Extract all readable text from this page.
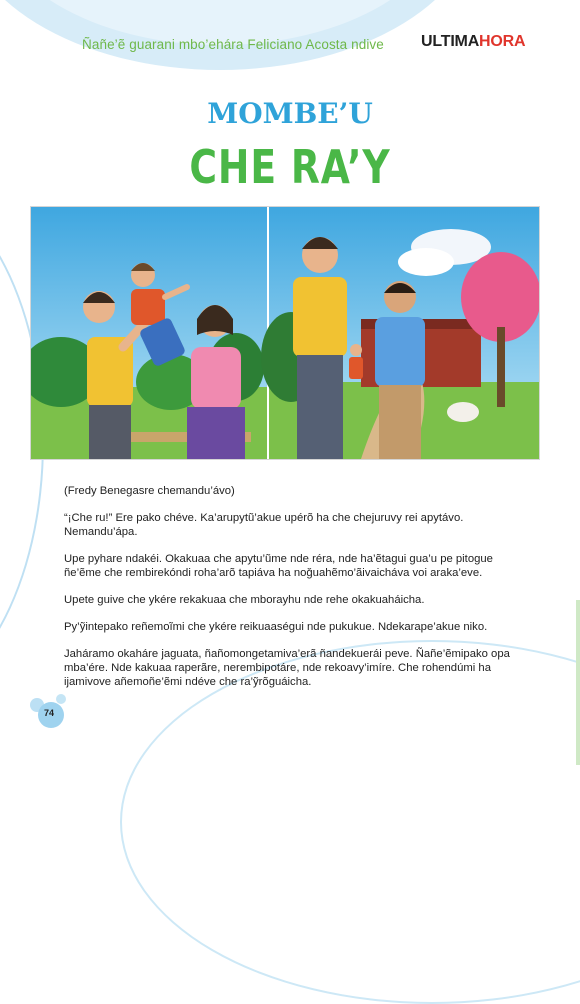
Ñañe’ẽ guarani mbo’ehára Feliciano Acosta ndive ULTIMAHORA
MOMBE’U
CHE RA’Y

(Fredy Benegasre chemandu’ávo)

“¡Che ru!” Ere pako chéve. Ka’arupytũ’akue upérõ ha che chejuruvy rei apytávo. Nemandu’ápa.

Upe pyhare ndakéi. Okakuaa che apytu’ũme nde réra, nde ha’ẽtagui gua’u pe pitogue ñe’ẽme che rembirekóndi roha’arõ tapiáva ha noğuahẽmo’ãivaicháva voi araka’eve.

Upete guive che ykére rekakuaa che mborayhu nde rehe okakuaháicha.

Py’ỹintepako reñemoĩmi che ykére reikuaaségui nde pukukue. Ndekarape’akue niko.

Jaháramo okaháre jaguata, ñañomongetamiva’erã ñandekuerái peve. Ñañe’ẽmipako opa mba’ére. Nde kakuaa raperãre, nerembipotáre, nde rekoavy’imíre. Che rohendúmi ha ijamivove añemoñe’ẽmi ndéve che ra’ỹrõguáicha.

74
